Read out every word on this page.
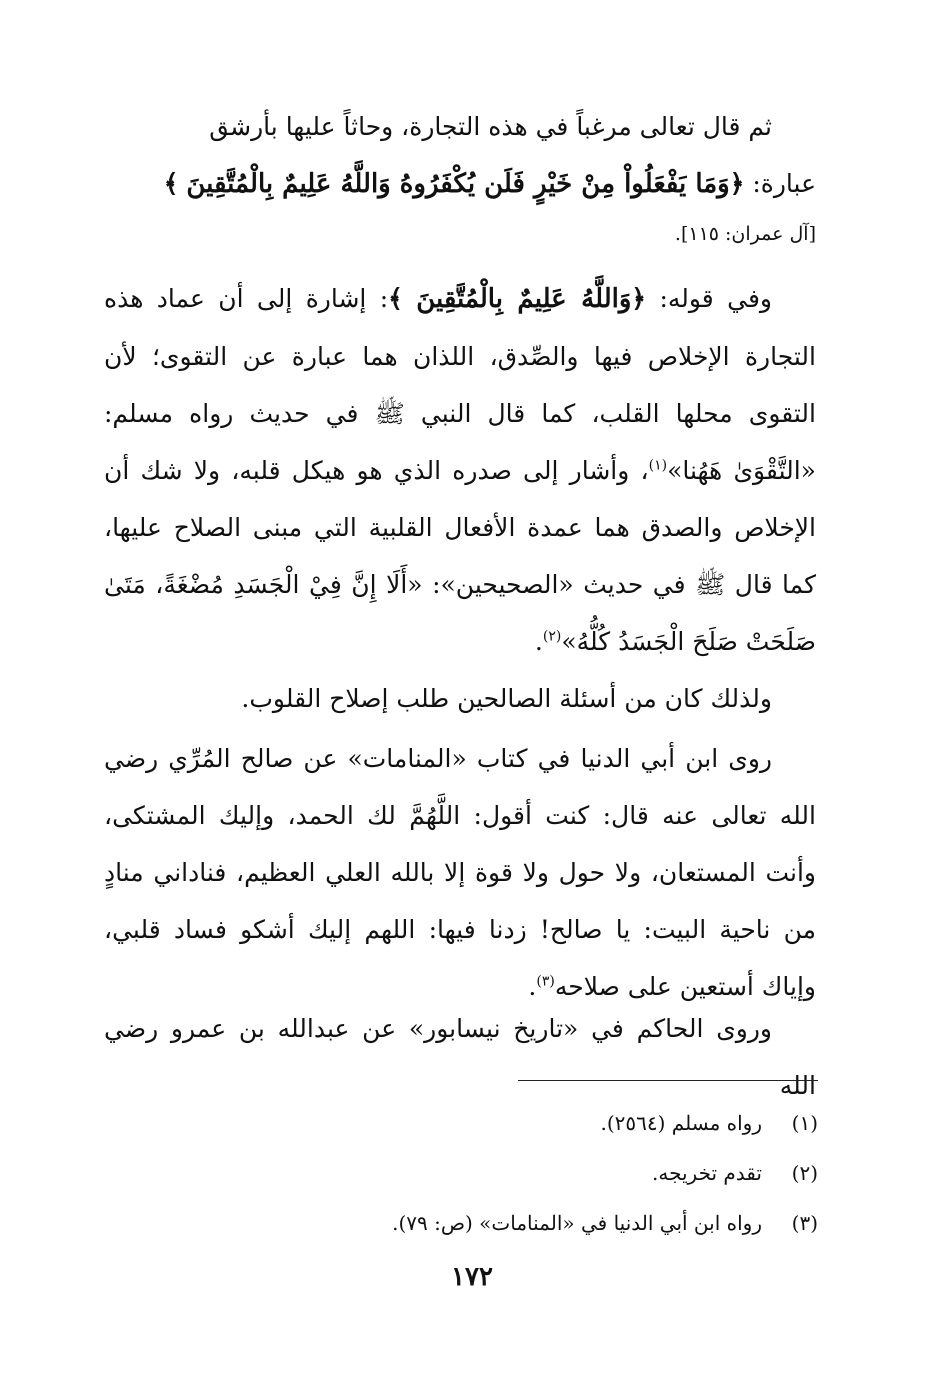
ثم قال تعالى مرغباً في هذه التجارة، وحاثاً عليها بأرشق
عبارة: ﴿وَمَا يَفْعَلُواْ مِنْ خَيْرٍ فَلَن يُكْفَرُوهُ وَاللَّهُ عَلِيمٌ بِالْمُتَّقِينَ ﴾
[آل عمران: ١١٥].
وفي قوله: ﴿وَاللَّهُ عَلِيمٌ بِالْمُتَّقِينَ ﴾: إشارة إلى أن عماد هذه التجارة الإخلاص فيها والصِّدق، اللذان هما عبارة عن التقوى؛ لأن التقوى محلها القلب، كما قال النبي ﷺ في حديث رواه مسلم: «التَّقْوَىٰ هَهُنا»$^{(١)}$، وأشار إلى صدره الذي هو هيكل قلبه، ولا شك أن الإخلاص والصدق هما عمدة الأفعال القلبية التي مبنى الصلاح عليها، كما قال ﷺ في حديث «الصحيحين»: «أَلَا إِنَّ فِيْ الْجَسَدِ مُضْغَةً، مَتَىٰ صَلَحَتْ صَلَحَ الْجَسَدُ كُلُّهُ»$^{(٢)}$.
ولذلك كان من أسئلة الصالحين طلب إصلاح القلوب.
روى ابن أبي الدنيا في كتاب «المنامات» عن صالح المُرِّي رضي الله تعالى عنه قال: كنت أقول: اللَّهُمَّ لك الحمد، وإليك المشتكى، وأنت المستعان، ولا حول ولا قوة إلا بالله العلي العظيم، فناداني منادٍ من ناحية البيت: يا صالح! زدنا فيها: اللهم إليك أشكو فساد قلبي، وإياك أستعين على صلاحه$^{(٣)}$.
وروى الحاكم في «تاريخ نيسابور» عن عبدالله بن عمرو رضي الله
(١)رواه مسلم (٢٥٦٤).
(٢)تقدم تخريجه.
(٣)رواه ابن أبي الدنيا في «المنامات» (ص: ٧٩).
١٧٢
